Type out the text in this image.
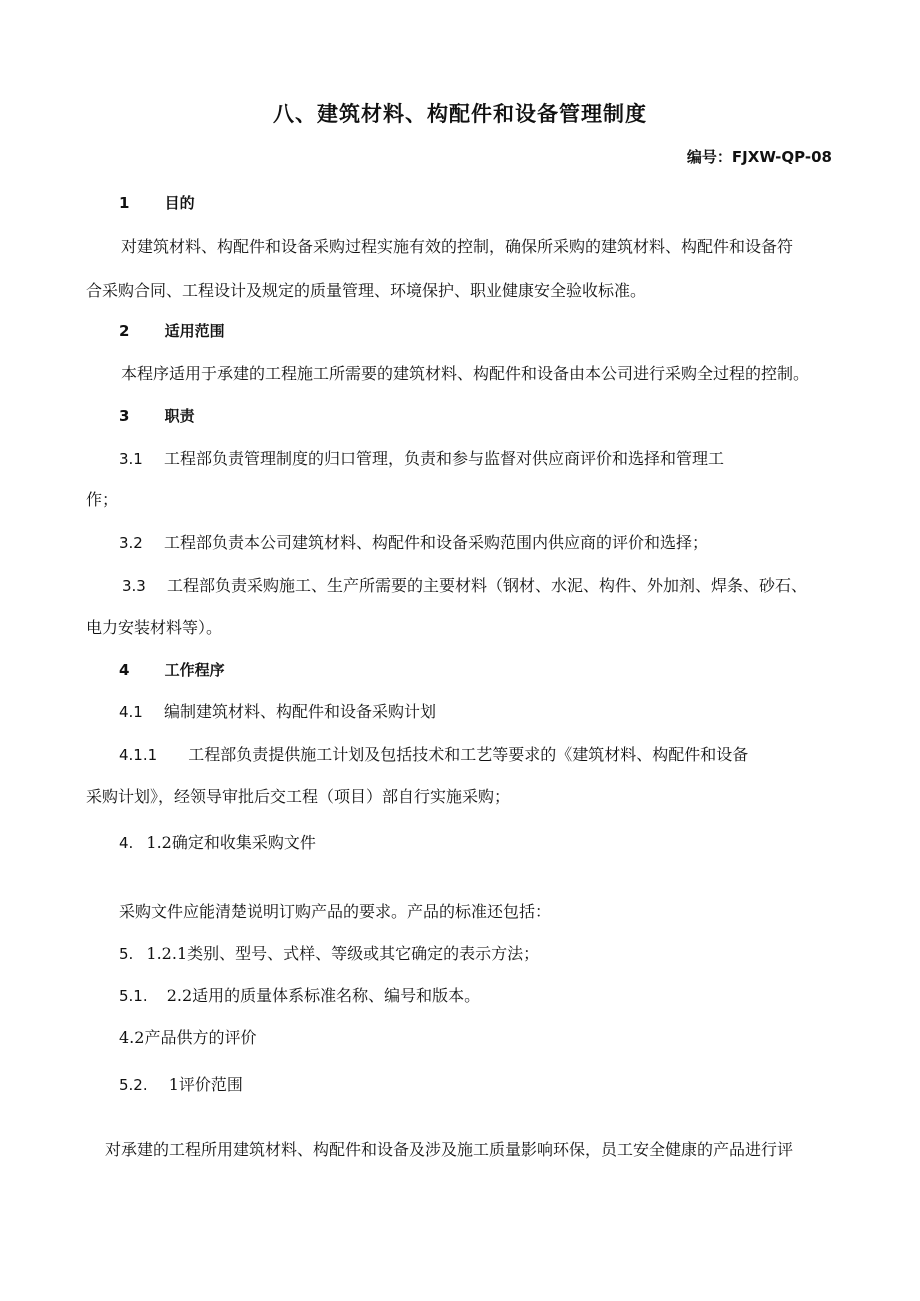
八、建筑材料、构配件和设备管理制度
编号：FJXW-QP-08
1 目的
对建筑材料、构配件和设备采购过程实施有效的控制，确保所采购的建筑材料、构配件和设备符
合采购合同、工程设计及规定的质量管理、环境保护、职业健康安全验收标准。
2 适用范围
本程序适用于承建的工程施工所需要的建筑材料、构配件和设备由本公司进行采购全过程的控制。
3 职责
3.1 工程部负责管理制度的归口管理，负责和参与监督对供应商评价和选择和管理工
作；
3.2 工程部负责本公司建筑材料、构配件和设备采购范围内供应商的评价和选择；
3.3 工程部负责采购施工、生产所需要的主要材料（钢材、水泥、构件、外加剂、焊条、砂石、
电力安装材料等）。
4 工作程序
4.1 编制建筑材料、构配件和设备采购计划
4.1.1 工程部负责提供施工计划及包括技术和工艺等要求的《建筑材料、构配件和设备
采购计划》，经领导审批后交工程（项目）部自行实施采购；
4. 1.2确定和收集采购文件
采购文件应能清楚说明订购产品的要求。产品的标准还包括：
5. 1.2.1类别、型号、式样、等级或其它确定的表示方法；
5.1. 2.2适用的质量体系标准名称、编号和版本。
4.2产品供方的评价
5.2. 1评价范围
对承建的工程所用建筑材料、构配件和设备及涉及施工质量影响环保，员工安全健康的产品进行评
